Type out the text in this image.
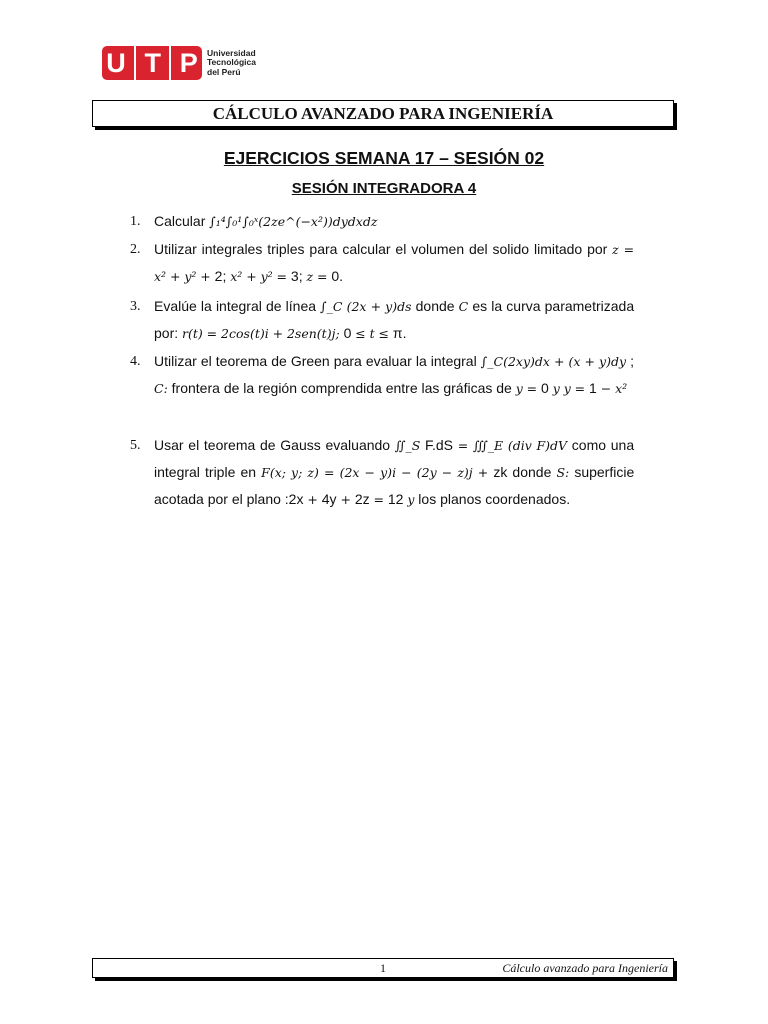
U T P Universidad
Tecnológica
del Perú
CÁLCULO AVANZADO PARA INGENIERÍA
EJERCICIOS SEMANA 17 – SESIÓN 02
SESIÓN INTEGRADORA 4
1. Calcular ∫₁⁴∫₀¹∫₀ˣ(2ze^(−x²))dydxdz
2. Utilizar integrales triples para calcular el volumen del solido limitado por z = x² + y² + 2; x² + y² = 3; z = 0.
3. Evalúe la integral de línea ∫_C (2x + y)ds donde C es la curva parametrizada por: r(t) = 2cos(t)i + 2sen(t)j; 0 ≤ t ≤ π.
4. Utilizar el teorema de Green para evaluar la integral ∫_C(2xy)dx + (x + y)dy ; C: frontera de la región comprendida entre las gráficas de y = 0 y y = 1 − x²
5. Usar el teorema de Gauss evaluando ∬_S F.dS = ∭_E (div F)dV como una integral triple en F(x; y; z) = (2x − y)i − (2y − z)j + zk donde S: superficie acotada por el plano :2x + 4y + 2z = 12 y los planos coordenados.
1	Cálculo avanzado para Ingeniería
